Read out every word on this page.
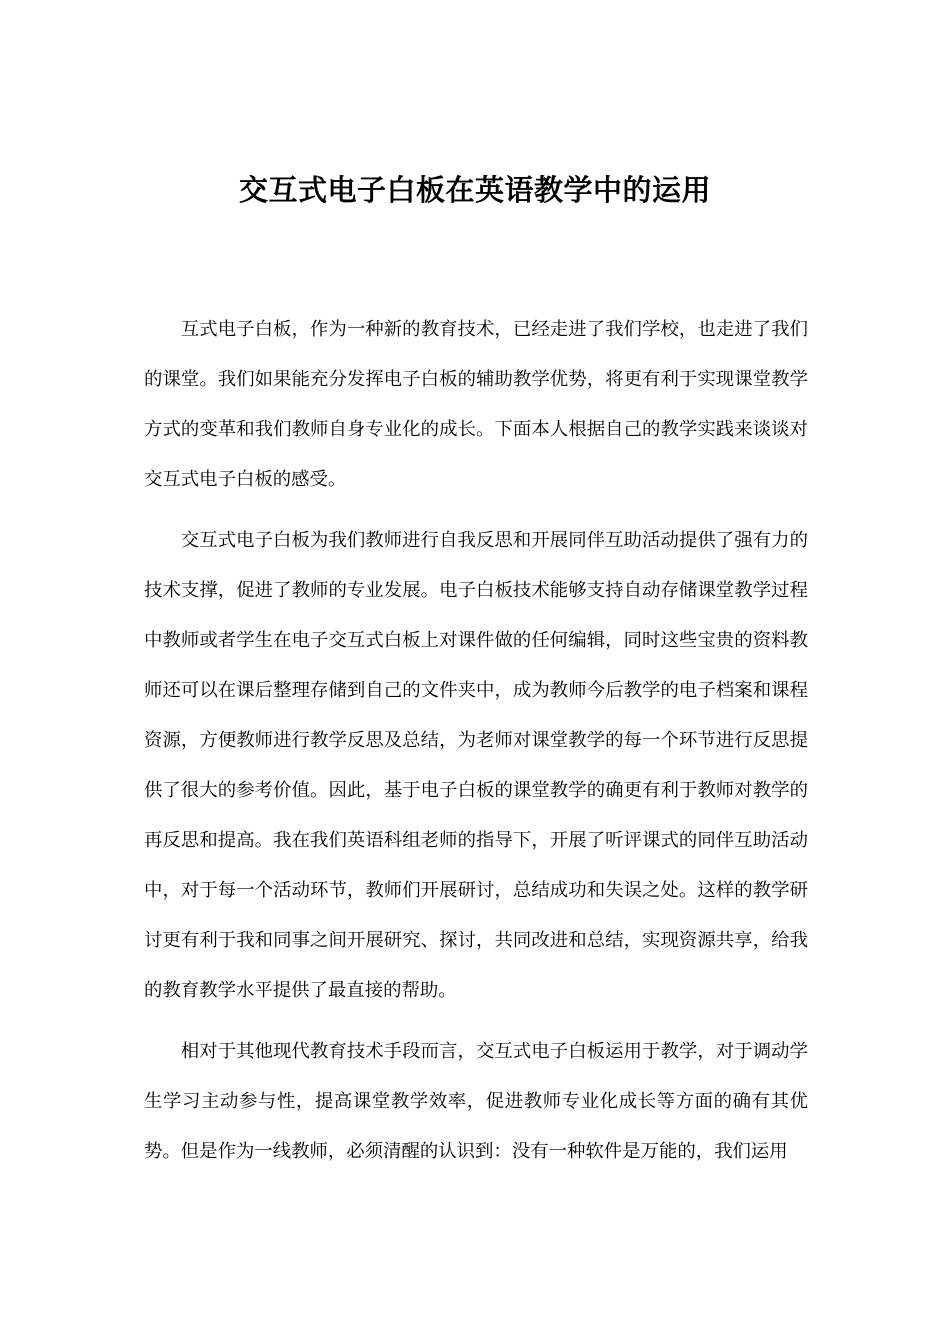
交互式电子白板在英语教学中的运用

互式电子白板，作为一种新的教育技术，已经走进了我们学校，也走进了我们的课堂。我们如果能充分发挥电子白板的辅助教学优势，将更有利于实现课堂教学方式的变革和我们教师自身专业化的成长。下面本人根据自己的教学实践来谈谈对交互式电子白板的感受。

交互式电子白板为我们教师进行自我反思和开展同伴互助活动提供了强有力的技术支撑，促进了教师的专业发展。电子白板技术能够支持自动存储课堂教学过程中教师或者学生在电子交互式白板上对课件做的任何编辑，同时这些宝贵的资料教师还可以在课后整理存储到自己的文件夹中，成为教师今后教学的电子档案和课程资源，方便教师进行教学反思及总结，为老师对课堂教学的每一个环节进行反思提供了很大的参考价值。因此，基于电子白板的课堂教学的确更有利于教师对教学的再反思和提高。我在我们英语科组老师的指导下，开展了听评课式的同伴互助活动中，对于每一个活动环节，教师们开展研讨，总结成功和失误之处。这样的教学研讨更有利于我和同事之间开展研究、探讨，共同改进和总结，实现资源共享，给我的教育教学水平提供了最直接的帮助。

相对于其他现代教育技术手段而言，交互式电子白板运用于教学，对于调动学生学习主动参与性，提高课堂教学效率，促进教师专业化成长等方面的确有其优势。但是作为一线教师，必须清醒的认识到：没有一种软件是万能的，我们运用
